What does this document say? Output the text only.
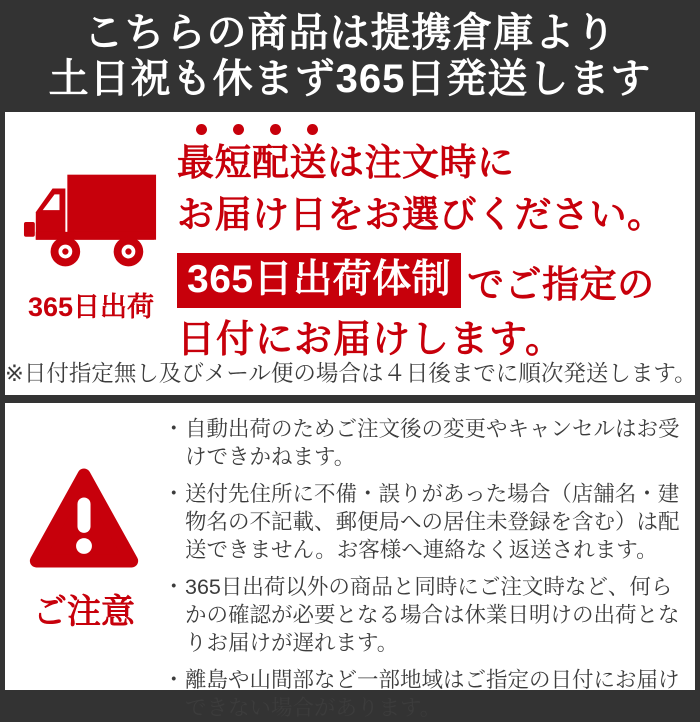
こちらの商品は提携倉庫より
土日祝も休まず365日発送します
365日出荷
最短配送は注文時に
お届け日をお選びください。
365日出荷体制 でご指定の
日付にお届けします。
※日付指定無し及びメール便の場合は４日後までに順次発送します。
ご注意
・ 自動出荷のためご注文後の変更やキャンセルはお受けできかねます。
・ 送付先住所に不備・誤りがあった場合（店舗名・建物名の不記載、郵便局への居住未登録を含む）は配送できません。お客様へ連絡なく返送されます。
・ 365日出荷以外の商品と同時にご注文時など、何らかの確認が必要となる場合は休業日明けの出荷となりお届けが遅れます。
・ 離島や山間部など一部地域はご指定の日付にお届けできない場合があります。
